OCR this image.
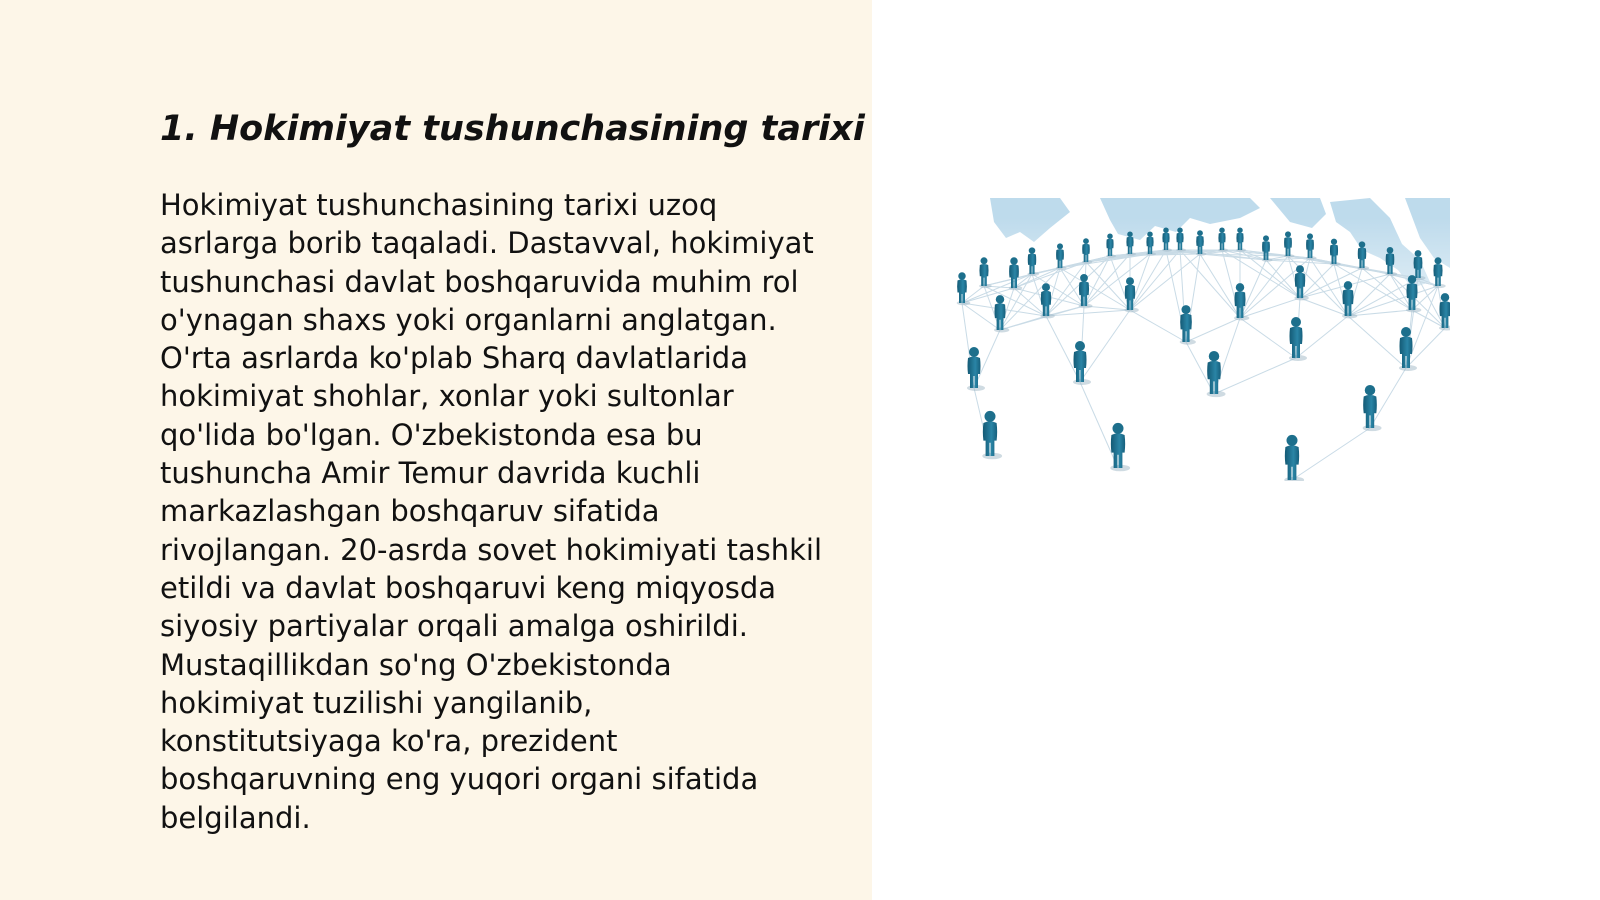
1. Hokimiyat tushunchasining tarixi
Hokimiyat tushunchasining tarixi uzoq
asrlarga borib taqaladi. Dastavval, hokimiyat
tushunchasi davlat boshqaruvida muhim rol
o'ynagan shaxs yoki organlarni anglatgan.
O'rta asrlarda ko'plab Sharq davlatlarida
hokimiyat shohlar, xonlar yoki sultonlar
qo'lida bo'lgan. O'zbekistonda esa bu
tushuncha Amir Temur davrida kuchli
markazlashgan boshqaruv sifatida
rivojlangan. 20-asrda sovet hokimiyati tashkil
etildi va davlat boshqaruvi keng miqyosda
siyosiy partiyalar orqali amalga oshirildi.
Mustaqillikdan so'ng O'zbekistonda
hokimiyat tuzilishi yangilanib,
konstitutsiyaga ko'ra, prezident
boshqaruvning eng yuqori organi sifatida
belgilandi.
